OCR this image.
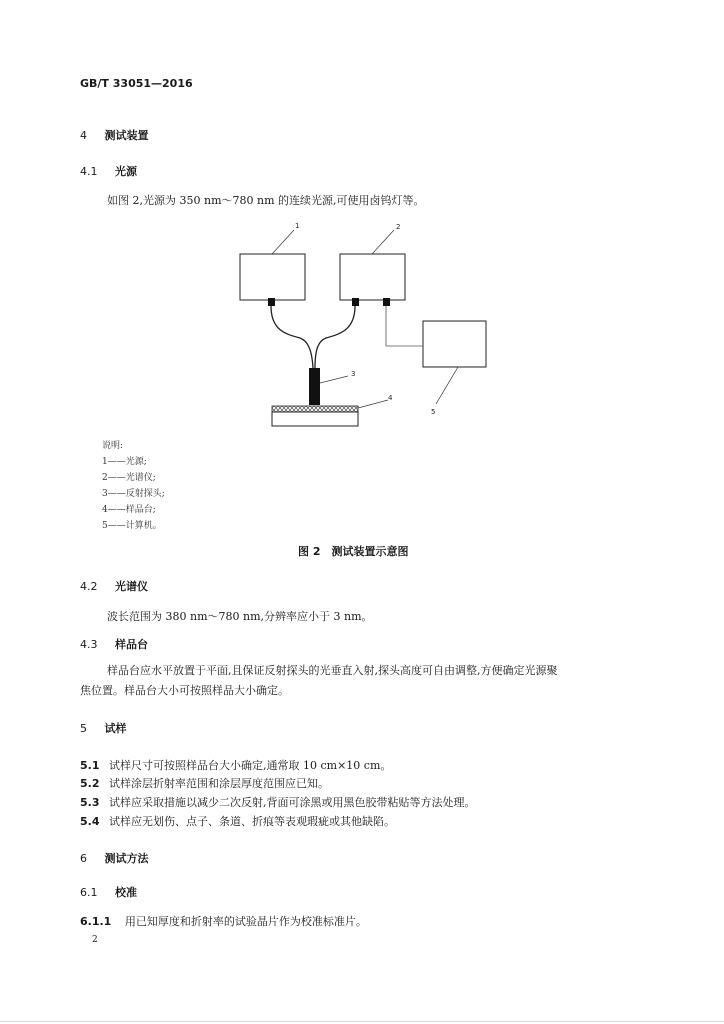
GB/T 33051—2016
4 测试装置
4.1 光源
如图 2,光源为 350 nm～780 nm 的连续光源,可使用卤钨灯等。
1	2
3
4
5
说明:
1——光源;
2——光谱仪;
3——反射探头;
4——样品台;
5——计算机。
图 2　测试装置示意图
4.2 光谱仪
波长范围为 380 nm～780 nm,分辨率应小于 3 nm。
4.3 样品台
样品台应水平放置于平面,且保证反射探头的光垂直入射,探头高度可自由调整,方便确定光源聚
焦位置。样品台大小可按照样品大小确定。
5 试样
5.1 试样尺寸可按照样品台大小确定,通常取 10 cm×10 cm。
5.2 试样涂层折射率范围和涂层厚度范围应已知。
5.3 试样应采取措施以减少二次反射,背面可涂黑或用黑色胶带粘贴等方法处理。
5.4 试样应无划伤、点子、条道、折痕等表观瑕疵或其他缺陷。
6 测试方法
6.1 校准
6.1.1 用已知厚度和折射率的试验晶片作为校准标准片。
2
